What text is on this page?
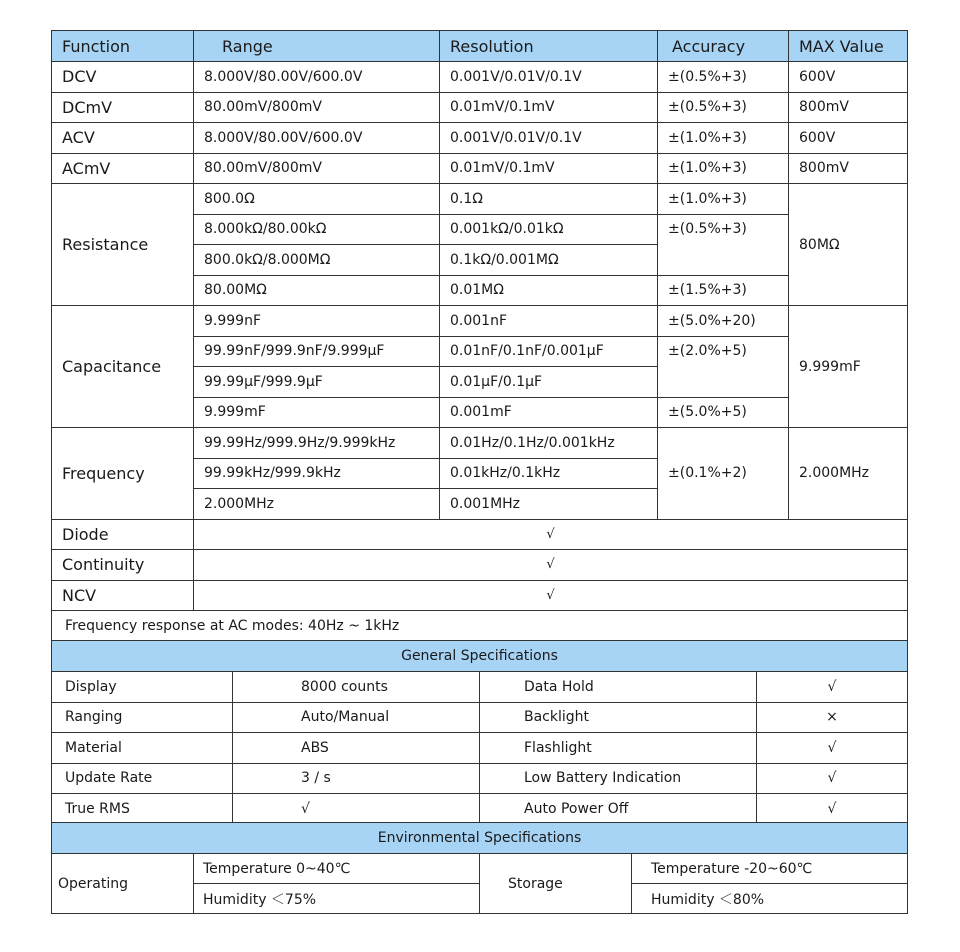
Function	Range	Resolution	Accuracy	MAX Value
DCV	8.000V/80.00V/600.0V	0.001V/0.01V/0.1V	±(0.5%+3)	600V
DCmV	80.00mV/800mV	0.01mV/0.1mV	±(0.5%+3)	800mV
ACV	8.000V/80.00V/600.0V	0.001V/0.01V/0.1V	±(1.0%+3)	600V
ACmV	80.00mV/800mV	0.01mV/0.1mV	±(1.0%+3)	800mV
Resistance	800.0Ω	0.1Ω	±(1.0%+3)	80MΩ
	8.000kΩ/80.00kΩ	0.001kΩ/0.01kΩ	±(0.5%+3)	
	800.0kΩ/8.000MΩ	0.1kΩ/0.001MΩ		
	80.00MΩ	0.01MΩ	±(1.5%+3)	
Capacitance	9.999nF	0.001nF	±(5.0%+20)	9.999mF
	99.99nF/999.9nF/9.999μF	0.01nF/0.1nF/0.001μF	±(2.0%+5)	
	99.99μF/999.9μF	0.01μF/0.1μF		
	9.999mF	0.001mF	±(5.0%+5)	
Frequency	99.99Hz/999.9Hz/9.999kHz	0.01Hz/0.1Hz/0.001kHz	±(0.1%+2)	2.000MHz
	99.99kHz/999.9kHz	0.01kHz/0.1kHz		
	2.000MHz	0.001MHz		
Diode	√			
Continuity	√			
NCV	√			
Frequency response at AC modes: 40Hz ~ 1kHz				
General Specifications			
Display	8000 counts	Data Hold	√
Ranging	Auto/Manual	Backlight	×
Material	ABS	Flashlight	√
Update Rate	3 / s	Low Battery Indication	√
True RMS	√	Auto Power Off	√
Environmental Specifications			
Operating	Temperature 0~40℃	Storage	Temperature -20~60℃
	Humidity ＜75%		Humidity ＜80%
